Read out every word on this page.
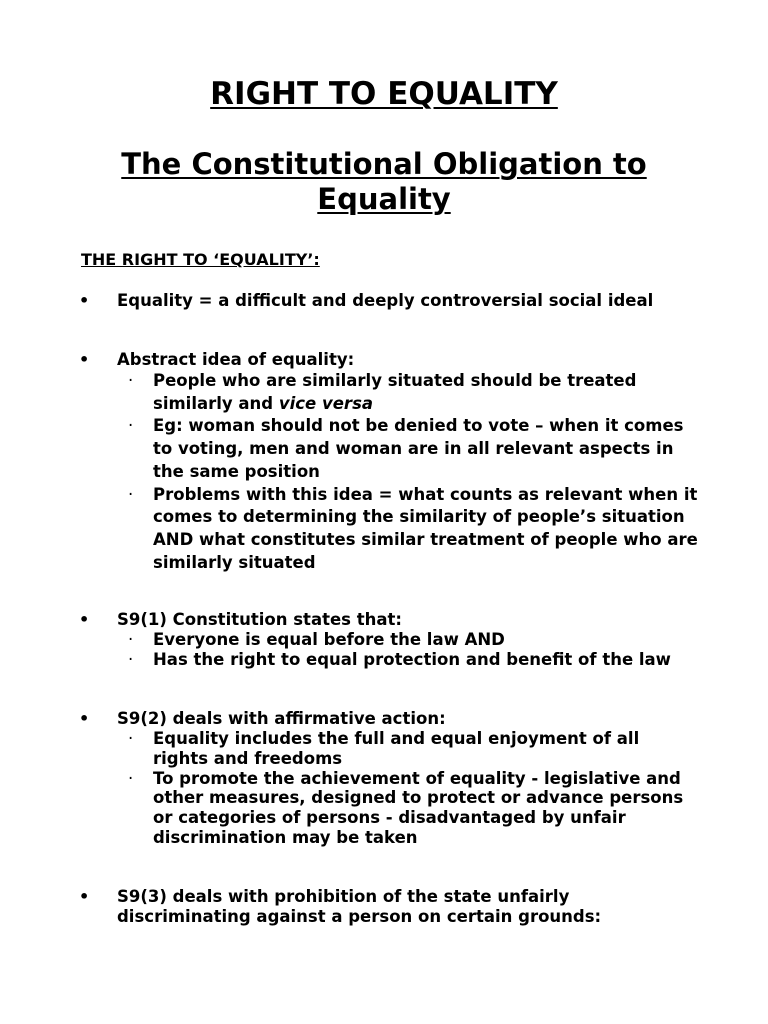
RIGHT TO EQUALITY
The Constitutional Obligation to Equality

THE RIGHT TO ‘EQUALITY’:

• Equality = a difficult and deeply controversial social ideal
• Abstract idea of equality:
· People who are similarly situated should be treated similarly and vice versa
· Eg: woman should not be denied to vote – when it comes to voting, men and woman are in all relevant aspects in the same position
· Problems with this idea = what counts as relevant when it comes to determining the similarity of people’s situation AND what constitutes similar treatment of people who are similarly situated
• S9(1) Constitution states that:
· Everyone is equal before the law AND
· Has the right to equal protection and benefit of the law
• S9(2) deals with affirmative action:
· Equality includes the full and equal enjoyment of all rights and freedoms
· To promote the achievement of equality - legislative and other measures, designed to protect or advance persons or categories of persons - disadvantaged by unfair discrimination may be taken
• S9(3) deals with prohibition of the state unfairly discriminating against a person on certain grounds:
